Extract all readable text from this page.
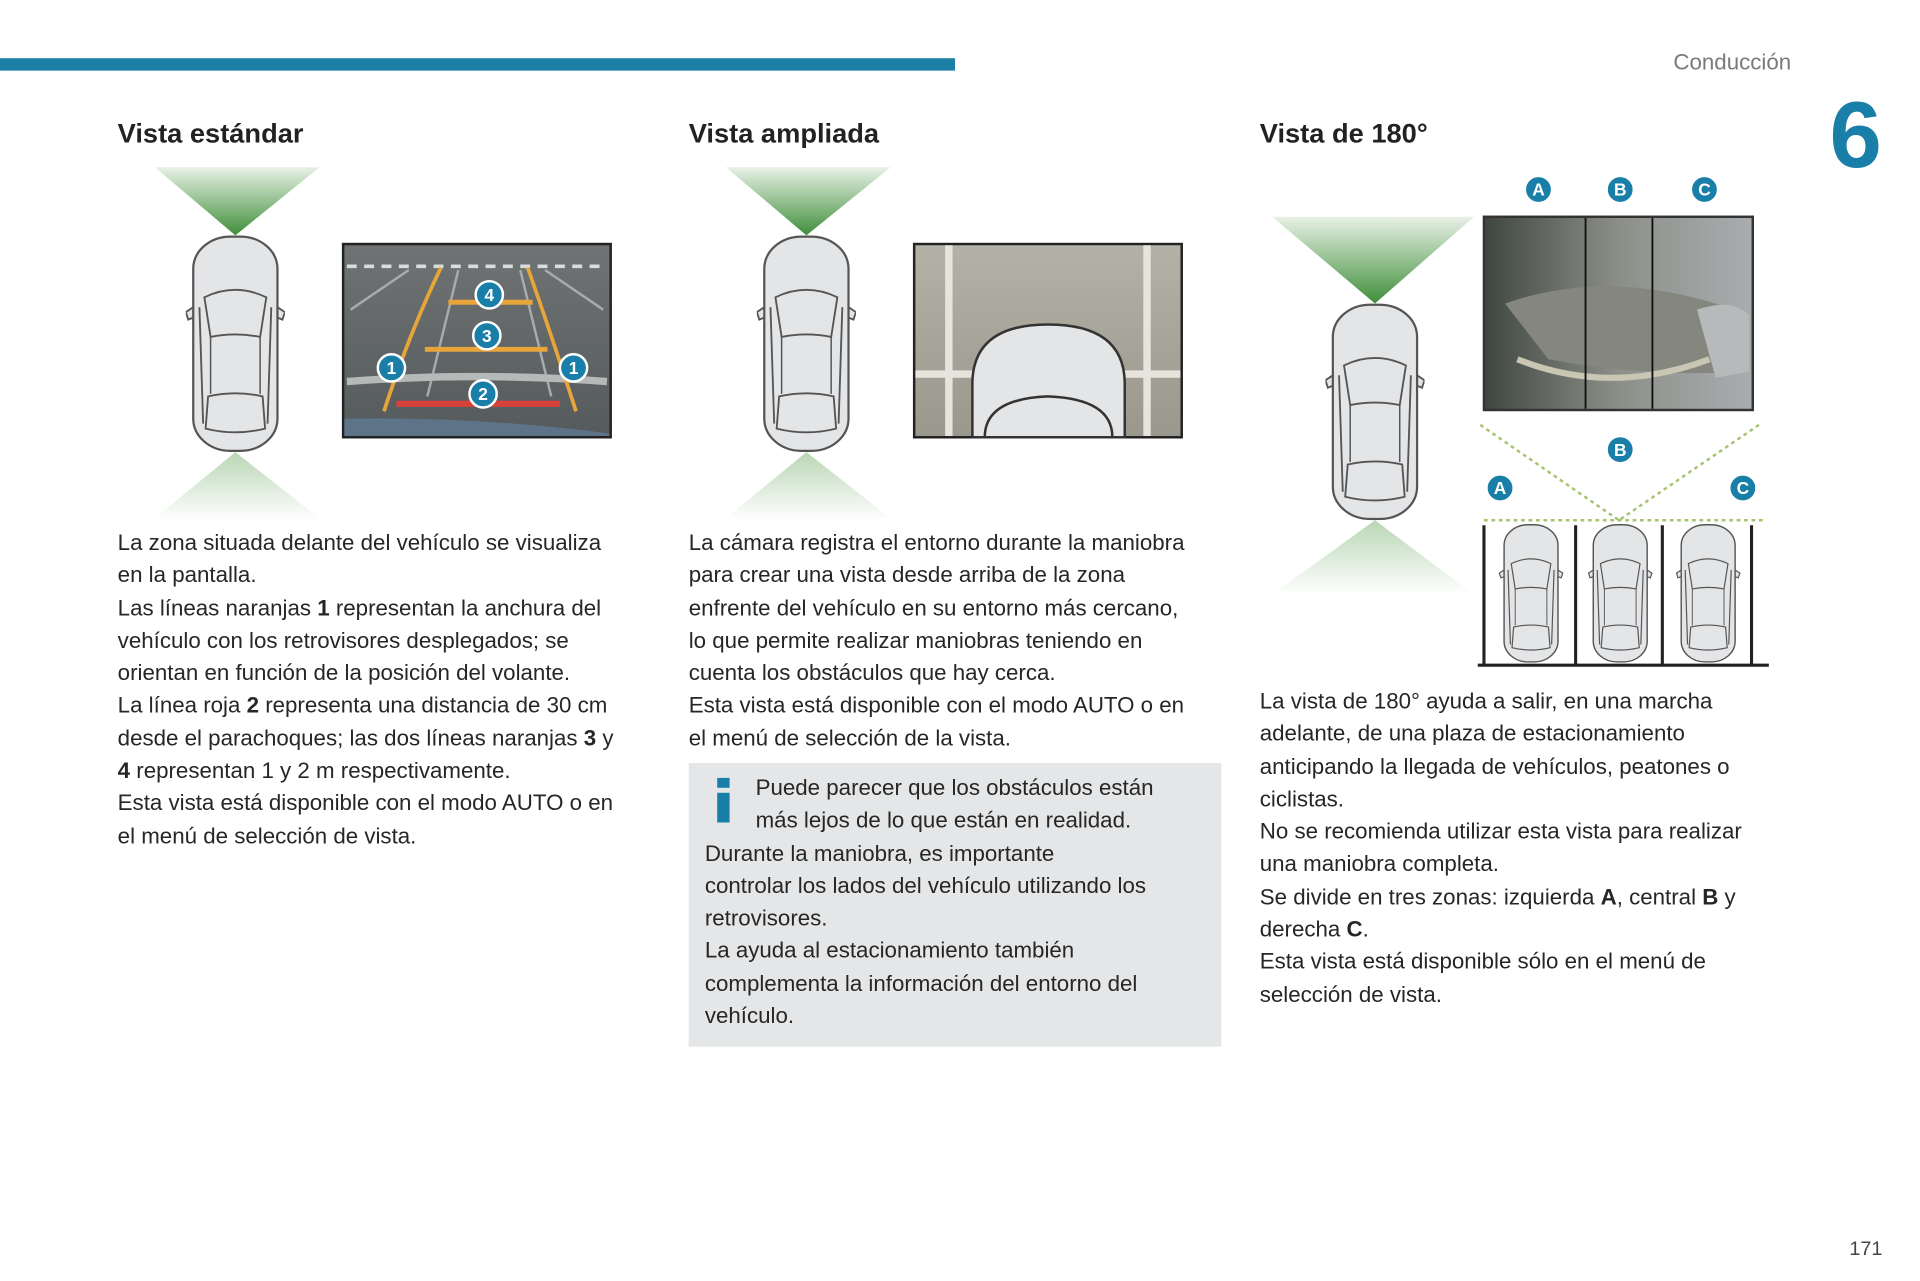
Conducción
6
Vista estándar
4
3
1	1
2
La zona situada delante del vehículo se visualiza
en la pantalla.
Las líneas naranjas 1 representan la anchura del
vehículo con los retrovisores desplegados; se
orientan en función de la posición del volante.
La línea roja 2 representa una distancia de 30 cm
desde el parachoques; las dos líneas naranjas 3 y
4 representan 1 y 2 m respectivamente.
Esta vista está disponible con el modo AUTO o en
el menú de selección de vista.
Vista ampliada
La cámara registra el entorno durante la maniobra
para crear una vista desde arriba de la zona
enfrente del vehículo en su entorno más cercano,
lo que permite realizar maniobras teniendo en
cuenta los obstáculos que hay cerca.
Esta vista está disponible con el modo AUTO o en
el menú de selección de la vista.
Puede parecer que los obstáculos están
más lejos de lo que están en realidad.
Durante la maniobra, es importante
controlar los lados del vehículo utilizando los
retrovisores.
La ayuda al estacionamiento también
complementa la información del entorno del
vehículo.
Vista de 180°
A	B	C
A
B
C
La vista de 180° ayuda a salir, en una marcha
adelante, de una plaza de estacionamiento
anticipando la llegada de vehículos, peatones o
ciclistas.
No se recomienda utilizar esta vista para realizar
una maniobra completa.
Se divide en tres zonas: izquierda A, central B y
derecha C.
Esta vista está disponible sólo en el menú de
selección de vista.
171
